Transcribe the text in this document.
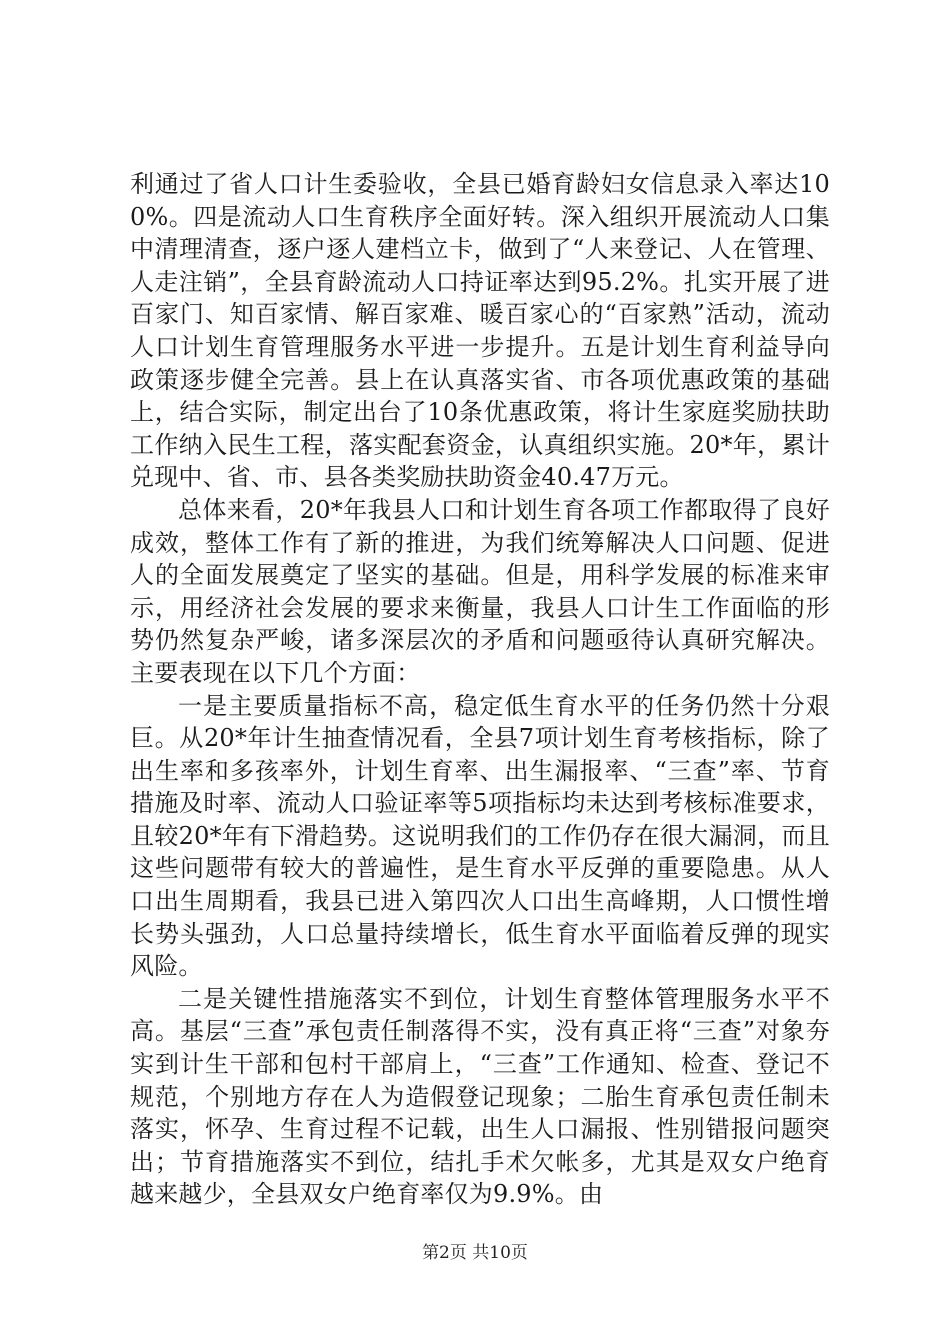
利通过了省人口计生委验收，全县已婚育龄妇女信息录入率达100%。四是流动人口生育秩序全面好转。深入组织开展流动人口集中清理清查，逐户逐人建档立卡，做到了“人来登记、人在管理、人走注销”，全县育龄流动人口持证率达到95.2%。扎实开展了进百家门、知百家情、解百家难、暖百家心的“百家熟”活动，流动人口计划生育管理服务水平进一步提升。五是计划生育利益导向政策逐步健全完善。县上在认真落实省、市各项优惠政策的基础上，结合实际，制定出台了10条优惠政策，将计生家庭奖励扶助工作纳入民生工程，落实配套资金，认真组织实施。20*年，累计兑现中、省、市、县各类奖励扶助资金40.47万元。

总体来看，20*年我县人口和计划生育各项工作都取得了良好成效，整体工作有了新的推进，为我们统筹解决人口问题、促进人的全面发展奠定了坚实的基础。但是，用科学发展的标准来审示，用经济社会发展的要求来衡量，我县人口计生工作面临的形势仍然复杂严峻，诸多深层次的矛盾和问题亟待认真研究解决。主要表现在以下几个方面：

一是主要质量指标不高，稳定低生育水平的任务仍然十分艰巨。从20*年计生抽查情况看，全县7项计划生育考核指标，除了出生率和多孩率外，计划生育率、出生漏报率、“三查”率、节育措施及时率、流动人口验证率等5项指标均未达到考核标准要求，且较20*年有下滑趋势。这说明我们的工作仍存在很大漏洞，而且这些问题带有较大的普遍性，是生育水平反弹的重要隐患。从人口出生周期看，我县已进入第四次人口出生高峰期，人口惯性增长势头强劲，人口总量持续增长，低生育水平面临着反弹的现实风险。

二是关键性措施落实不到位，计划生育整体管理服务水平不高。基层“三查”承包责任制落得不实，没有真正将“三查”对象夯实到计生干部和包村干部肩上，“三查”工作通知、检查、登记不规范，个别地方存在人为造假登记现象；二胎生育承包责任制未落实，怀孕、生育过程不记载，出生人口漏报、性别错报问题突出；节育措施落实不到位，结扎手术欠帐多，尤其是双女户绝育越来越少，全县双女户绝育率仅为9.9%。由

第2页 共10页
